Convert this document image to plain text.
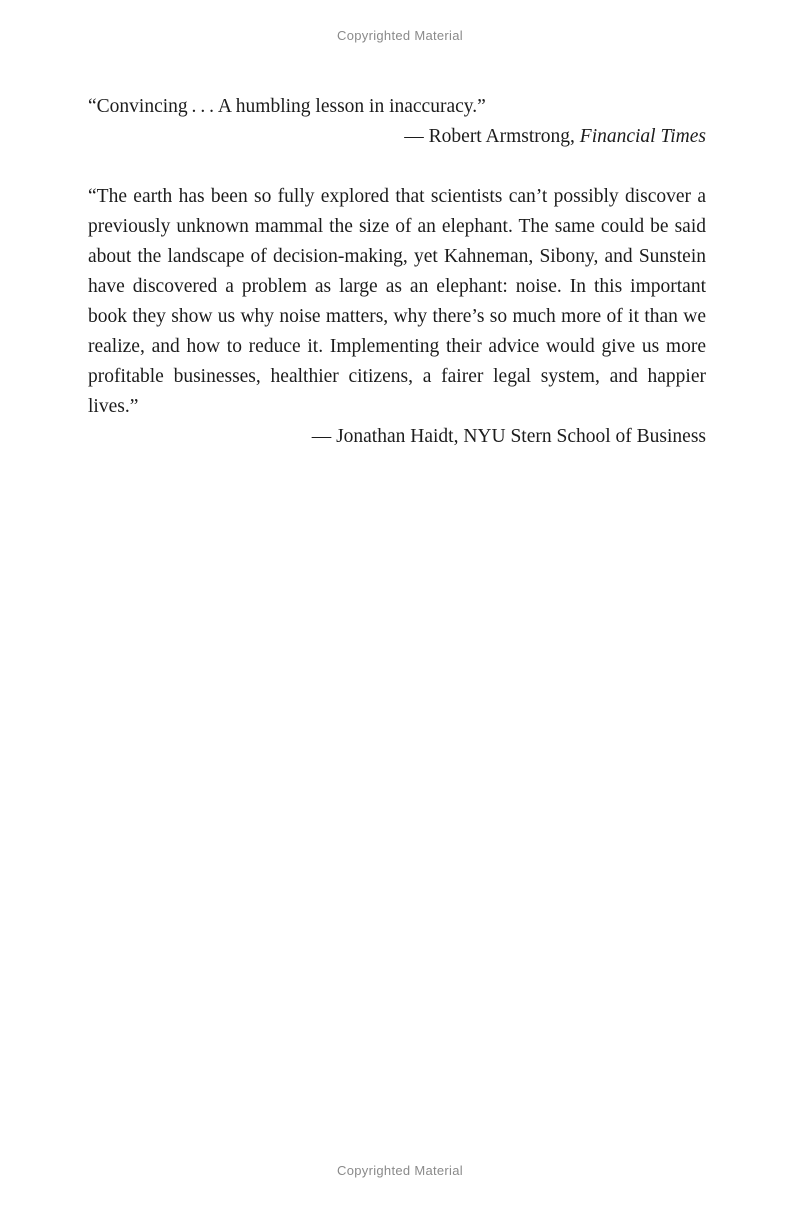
Copyrighted Material

“Convincing . . . A humbling lesson in inaccuracy.”

— Robert Armstrong, Financial Times

“The earth has been so fully explored that scientists can’t possibly discover a previously unknown mammal the size of an elephant. The same could be said about the landscape of decision-making, yet Kahneman, Sibony, and Sunstein have discovered a problem as large as an elephant: noise. In this important book they show us why noise matters, why there’s so much more of it than we realize, and how to reduce it. Implementing their advice would give us more profitable businesses, healthier citizens, a fairer legal system, and happier lives.”

— Jonathan Haidt, NYU Stern School of Business

Copyrighted Material
